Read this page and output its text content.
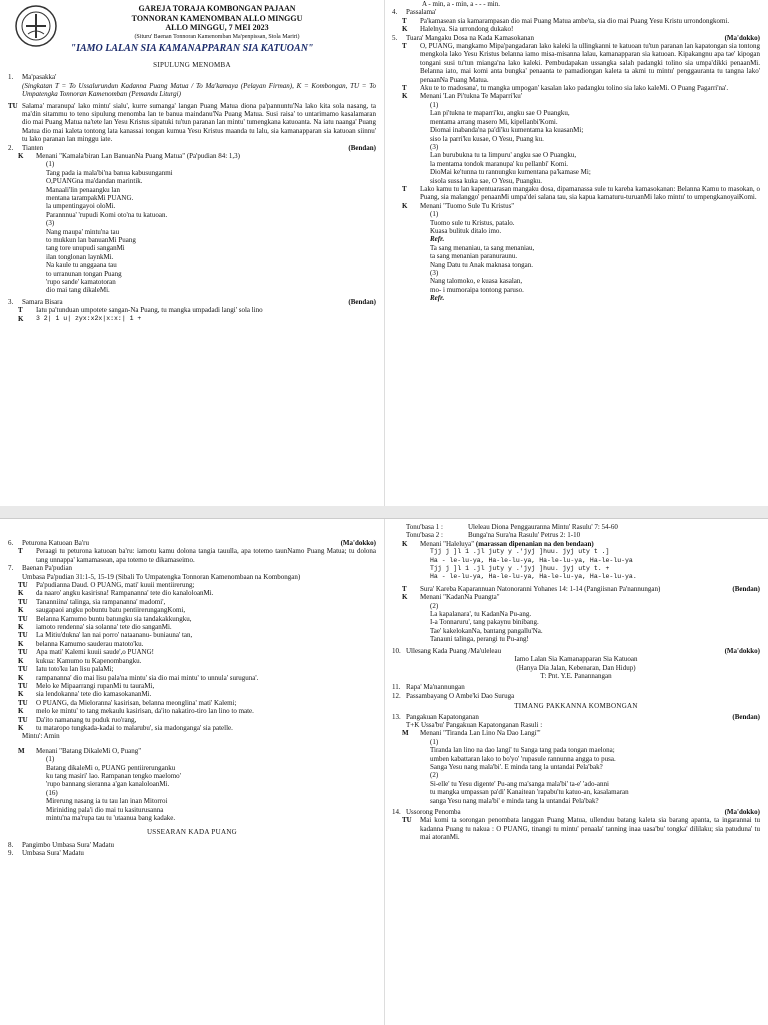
GAREJA TORAJA KOMBONGAN PAJAAN
TONNORAN KAMENOMBAN ALLO MINGGU
ALLO MINGGU, 7 MEI 2023
(Situru' Baenan Tonnoran Kamenomban Ma'penpissan, Stola Mariri)
"IAMO LALAN SIA KAMANAPPARAN SIA KATUOAN"
SIPULUNG MENOMBA
1.	Ma'pasakka'
(Singkatan T = To Ussalurundun Kadanna Puang Matua / To Ma'kamaya (Pelayan Firman), K = Kombongan, TU = To Umpatengka Tonnoran Kamenomban (Pemandu Liturgi)
TU Salama' maranupa' lako mintu' sialu', kurre sumanga' langan Puang Matua diona pa'pannuntu'Na lako kita sola nasang, ta ma'din sitammu to teno sipulung menomba lan te banua maindanu'Na Puang Matua. Susi raisa' to untarimamo kasalamaran dio mai Puang Matua na'tete lan Yesu Kristus sipatuki tu'tun paranan lan mintu' tumengkana katuoanta. Na iatu naanga' Puang Matua dio mai kaleta tontong lata kanassai tongan kumua Yesu Kristus maanda tu lalu, sia kamanapparan sia katuoan siinnu' tu lako paranan lan minggu iate.
2.	Tianten	(Bendan)
K	Menani "Kamala'biran Lan BanuanNa Puang Matua" (Pa'pudian 84: 1,3)
(1)
Tang pada ia mala'bi'na banua kabusunganmi
O,PUANGna ma'dandan marintik.
Manaali'lin penaangku lan
mentana tarampakMi PUANG.
la umpentingayoi oloMi.
Parannnua' 'rupudi Komi oto'na tu katuoan.
(3)
Nang maupa' mintu'na tau
to mukkun lan banuanMi Puang
tang tore unupudi sanganMi
ilan tonglonan laynkMi.
Na kaule tu anggaana tau
to urranunan tongan Puang
'rupo sande' kamatotoran
dio mai tang dikaleMi.
3.	Samara Bisara	(Bendan)
T	Iatu pa'tunduan umpotete sangan-Na Puang, tu mangka umpadadi langi' sola lino
K	3 2| 1 u| zyx:x2x|x:x:| 1 +
A - min, a - min, a - - - min.
4.	Passalama'
T	Pa'kamasean sia kamarampasan dio mai Puang Matua ambe'ta, sia dio mai Puang Yesu Kristu urrondongkomi.
K	Halelnya. Sia urrondong dukako!
5.	Tuara' Mangaku Dosa na Kada Kamasokanan	(Ma'dokko)
T	O, PUANG, mangkamo Mipa'pangadaran lako kaleki la ullingkanni te katuoan tu'tun paranan lan kapatongan sia tontong mengkola lako Yesu Kristus belanna iamo misa-misanna lalau, kamanapparan sia katuoan. Kipakangnu apa tae' kipogan tongani susi tu'tun mianga'na lako kaleki. Pembudapakan ussangka salah padangki tolino sia umpa'dikki penaanMi. Belanna iato, mai komi anta bungka' penaanta te pamadiongan kaleta ta akmi tu mintu' penggauranta tu tangna lako' penaanNa Puang Matua.
T	Aku te to madosana', tu mangka umpogan' kasalan lako padangku tolino sia lako kaleMi. O Puang Pagarri'na'.
K	Menani 'Lan Pi'tukna Te Maparri'ku'
(1)
Lan pi'tukna te maparri'ku, angku sae O Puangku,
mentama arrang masero Mi, kipellanbi'Komi.
Diomai inabanda'na pa'di'ku kumentama ka kuasanMi;
siso la parri'ku kusae, O Yesu, Puang ku.
(3)
Lan burubukna tu ta limpuru' angku sae O Puangku,
la mentama tondok maranupa' ku pellanbi' Komi.
DioMai ke'tunna tu rannungku kumentana pa'kamase Mi;
sisola sussa kuka sae, O Yesu, Puangku.
T	Lako kamu tu lan kapentuarasan mangaku dosa, dipamanassa sule tu kareba kamasokanan: Belanna Kamu to masokan, o Puang, sia malanggo' penaanMi umpa'dei salana tau, sia kapua kamaturu-turuanMi lako mintu' to umpengkanoyaiKomi.
K	Menani "Tuomo Sule Tu Kristus"
(1)
Tuomo sule tu Kristus, patalo.
Kuasa bulituk ditalo imo.
Refr.
Ta sang menaniau, ta sang menaniau,
ta sang menanian paranuraunu.
Nang Datu tu Anak maknasa tongan.
(3)
Nang talomoko, e kuasa kasalan,
mo- i mumoraipa tontong paruso.
Refr.
6.	Peturona Katuoan Ba'ru	(Ma'dokko)
T	Peraagi tu peturona katuoan ba'ru: iamotu kamu dolona tangia tauulla, apa totemo taunNamo Puang Matua; tu dolona tang unnappa' kamamasean, apa totemo te dikamaseimo.
7.	Baenan Pa'pudian
Umbasa Pa'pudian 31:1-5, 15-19 (Sibali To Umpatengka Tonnoran Kamenombaan na Kombongan)
TU	Pa'pudianna Daud. O PUANG, mati' kuuii mentiirerung;
K	da naaro' angku kasirisna! Rampananna' tete dio kanaloloanMi.
TU	Tananniina' talinga, sia rampananna' madomi',
K	saugapaoi angku pobuntu batu pentiirerungangKomi,
TU	Belanna Kamumo buntu batungku sia tandakakkungku,
K	iamoto rendenna' sia solanna' tete dio sanganMi.
TU	La Mitiu'dukna' lan nai porro' nataananu- buniauna' tan,
K	belanna Kamumo sauderau matoto'ku.
TU	Apa mati' Kalemi kuuii saude',o PUANG!
K	kukua: Kamumo tu Kapenombangku.
TU	Iatu toto'ku lan lisu palaMi;
K	rampananna' dio mai lisu pala'na mintu' sia dio mai mintu' to unnula' suruguna'.
TU	Melo ke Mipaarrangi rupanMi tu tauraMi,
K	sia lendokanna' tete dio kamasokananMi.
TU	O PUANG, da Mieloranna' kasirisan, belanna meonglina' mati' Kalemi;
K	melo ke mintu' to tang mekaulu kasirisan, da'ito nakatiro-tiro lan lino to mate.
TU	Da'ito namanang tu puduk ruo'rang,
K	tu mataropo tungkada-kadai to malarubu', sia madonganga' sia patelle.
Mintu' : Amin
M	Menani "Batang DikaleMi O, Puang"
(1)
Batang dikaleMi o, PUANG pentiirerunganku
ku tang masiri' lao. Rampanan tengko maelomo'
'rupo bannang sieranna a'gan kanaloloanMi.
(16)
Mirerung nasang ia tu tau lan inan Mitorroi
Miriniding pala'i dio mai tu kasiturusanna
mintu'na ma'rupa tau tu 'utaanua bang kadake.
USSEARAN KADA PUANG
8.	Pangimbo Umbasa Sura' Madatu
9.	Umbasa Sura' Madatu
Tonu'basa 1 :	Uleleau Diona Penggauranna Mintu' Rasulu' 7: 54-60
Tonu'basa 2 :	Bunga'na Sura'na Rasulu' Petrus 2: 1-10
K	Menani "Haleluya" (marassan dipenanian na den bendaan)
Tjj j ]l 1 .jl juty y .'jyj ]huu. jyj uty t .]
Ha - le-lu-ya, Ha-le-lu-ya, Ha-le-lu-ya, Ha-le-lu-ya
Tjj j ]l 1 .jl juty y .'jyj ]huu. jyj uty t. +
Ha - le-lu-ya, Ha-le-lu-ya, Ha-le-lu-ya, Ha-le-lu-ya.
T	Sura' Kareba Kaparannuan Natonoranni Yohanes 14: 1-14 (Pangiisnan Pa'nannungan)	(Bendan)
K	Menani "KadanNa Puangta"
(2)
La kapalanara', tu KadanNa Pu-ang.
I-a Tonnaruru', tang pakaynu binibang.
Tae' kakelokanNa, bantang pangallu'Na.
Tanauni talinga, perangi tu Pu-ang!
10. Ullesang Kada Puang /Ma'uleleau	(Ma'dokko)
Iamo Lalan Sia Kamanapparan Sia Katuoan
(Hanya Dia Jalan, Kebenaran, Dan Hidup)
T: Pnt. Y.E. Panannangan
11. Rapa' Ma'nannungan
12. Passambayang O Ambe'ki Dao Suruga
TIMANG PAKKANNA KOMBONGAN
13. Pangakuan Kapatonganan	(Bendan)
T+K Ussa'bu' Pangakuan Kapatonganan Rasuli :
M	Menani "Tiranda Lan Lino Na Dao Langi'"
(1)
Tiranda lan lino na dao langi' tu Sanga tang pada tongan maelona;
umben kabattaran lako to bo'yo' 'rupasule rannunna angga to pusa.
Sanga Yesu nang mala'bi'. E minda tang la untandai Pela'bak?
(2)
Si-elle' tu Yesu digente' Pu-ang ma'sanga mala'bi' ta-e' 'ado-anni
tu mangka umpassan pa'di' Kanaitean 'rapabu'tu katuo-an, kasalamaran
sanga Yesu nang mala'bi' e minda tang la untandai Pela'bak?
14. Ussorong Penomba	(Ma'dokko)
TU	Mai komi ta sorongan penombata langgan Puang Matua, ullenduu batang kaleta sia barang apanta, ta ingarannai tu kadanna Puang tu nakua : O PUANG, tinangi tu mintu' penaala' tanning inaa uasa'bu' tongka' dililaku; sia patuduna' tu mai atoranMi.
